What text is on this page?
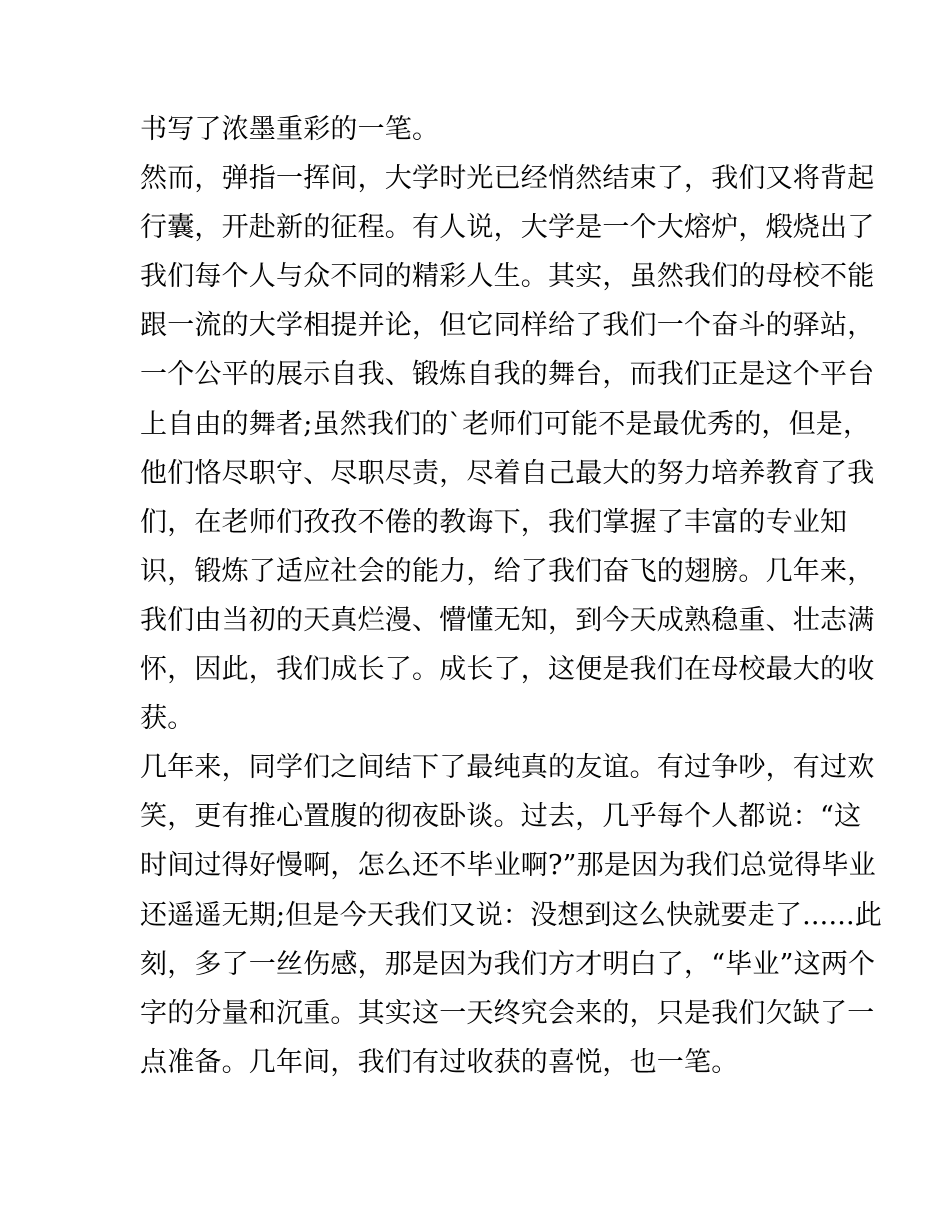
书写了浓墨重彩的一笔。
然而，弹指一挥间，大学时光已经悄然结束了，我们又将背起
行囊，开赴新的征程。有人说，大学是一个大熔炉，煅烧出了
我们每个人与众不同的精彩人生。其实，虽然我们的母校不能
跟一流的大学相提并论，但它同样给了我们一个奋斗的驿站，
一个公平的展示自我、锻炼自我的舞台，而我们正是这个平台
上自由的舞者;虽然我们的`老师们可能不是最优秀的，但是，
他们恪尽职守、尽职尽责，尽着自己最大的努力培养教育了我
们，在老师们孜孜不倦的教诲下，我们掌握了丰富的专业知
识，锻炼了适应社会的能力，给了我们奋飞的翅膀。几年来，
我们由当初的天真烂漫、懵懂无知，到今天成熟稳重、壮志满
怀，因此，我们成长了。成长了，这便是我们在母校最大的收
获。
几年来，同学们之间结下了最纯真的友谊。有过争吵，有过欢
笑，更有推心置腹的彻夜卧谈。过去，几乎每个人都说：“这
时间过得好慢啊，怎么还不毕业啊?”那是因为我们总觉得毕业
还遥遥无期;但是今天我们又说：没想到这么快就要走了......此
刻，多了一丝伤感，那是因为我们方才明白了，“毕业”这两个
字的分量和沉重。其实这一天终究会来的，只是我们欠缺了一
点准备。几年间，我们有过收获的喜悦，也一笔。
